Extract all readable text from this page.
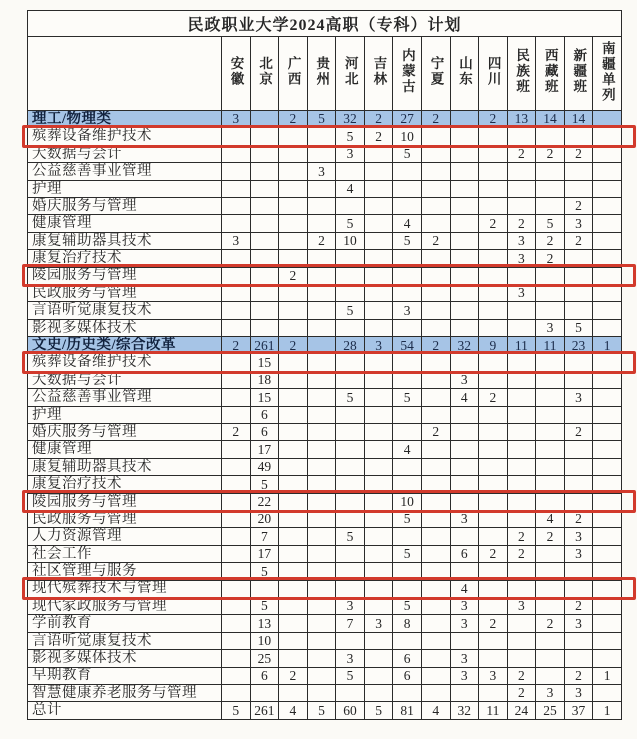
民政职业大学2024高职（专科）计划														
	安徽	北京	广西	贵州	河北	吉林	内蒙古	宁夏	山东	四川	民族班	西藏班	新疆班	南疆单列
理工/物理类	3		2	5	32	2	27	2		2	13	14	14	
殡葬设备维护技术					5	2	10							
大数据与会计					3		5				2	2	2	
公益慈善事业管理				3										
护理					4									
婚庆服务与管理													2	
健康管理					5		4			2	2	5	3	
康复辅助器具技术	3			2	10		5	2			3	2	2	
康复治疗技术											3	2		
陵园服务与管理			2											
民政服务与管理											3			
言语听觉康复技术					5		3							
影视多媒体技术												3	5	
文史/历史类/综合改革	2	261	2		28	3	54	2	32	9	11	11	23	1
殡葬设备维护技术		15												
大数据与会计		18							3					
公益慈善事业管理		15			5		5		4	2			3	
护理		6												
婚庆服务与管理	2	6						2					2	
健康管理		17					4							
康复辅助器具技术		49												
康复治疗技术		5												
陵园服务与管理		22					10							
民政服务与管理		20					5		3			4	2	
人力资源管理		7			5						2	2	3	
社会工作		17					5		6	2	2		3	
社区管理与服务		5												
现代殡葬技术与管理									4					
现代家政服务与管理		5			3		5		3		3		2	
学前教育		13			7	3	8		3	2		2	3	
言语听觉康复技术		10												
影视多媒体技术		25			3		6		3					
早期教育		6	2		5		6		3	3	2		2	1
智慧健康养老服务与管理											2	3	3	
总计	5	261	4	5	60	5	81	4	32	11	24	25	37	1
